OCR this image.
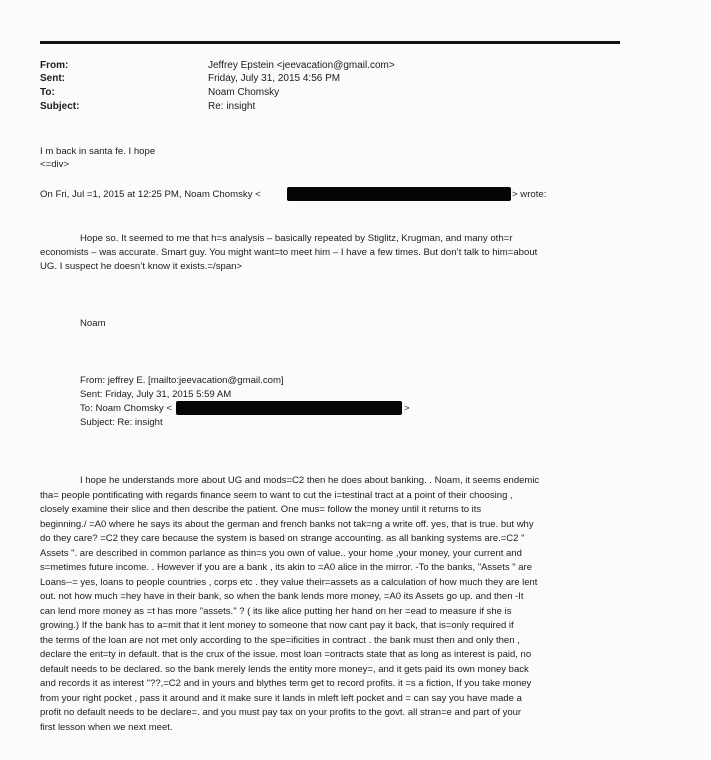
From:	Jeffrey Epstein <jeevacation@gmail.com>
Sent:	Friday, July 31, 2015 4:56 PM
To:	Noam Chomsky
Subject:	Re: insight
I m back in santa fe. I hope
<=div>
On Fri, Jul =1, 2015 at 12:25 PM, Noam Chomsky <	> wrote:
Hope so. It seemed to me that h=s analysis – basically repeated by Stiglitz, Krugman, and many oth=r
economists – was accurate. Smart guy. You might want=to meet him – I have a few times. But don’t talk to him=about
UG. I suspect he doesn’t know it exists.=/span>
Noam
From: jeffrey E. [mailto:jeevacation@gmail.com]
Sent: Friday, July 31, 2015 5:59 AM
To: Noam Chomsky <	>
Subject: Re: insight
I hope he understands more about UG and mods=C2 then he does about banking. . Noam, it seems endemic
tha= people pontificating with regards finance seem to want to cut the i=testinal tract at a point of their choosing ,
closely examine their slice and then describe the patient. One mus= follow the money until it returns to its
beginning./ =A0 where he says its about the german and french banks not tak=ng a write off. yes, that is true. but why
do they care? =C2 they care because the system is based on strange accounting. as all banking systems are.=C2 "
Assets ". are described in common parlance as thin=s you own of value.. your home ,your money, your current and
s=metimes future income. . However if you are a bank , its akin to =A0 alice in the mirror. -To the banks, "Assets " are
Loans--= yes, loans to people countries , corps etc . they value their=assets as a calculation of how much they are lent
out. not how much =hey have in their bank, so when the bank lends more money, =A0 its Assets go up. and then -It
can lend more money as =t has more "assets." ? ( its like alice putting her hand on her =ead to measure if she is
growing.) If the bank has to a=mit that it lent money to someone that now cant pay it back, that is=only required if
the terms of the loan are not met only according to the spe=ificities in contract . the bank must then and only then ,
declare the ent=ty in default. that is the crux of the issue. most loan =ontracts state that as long as interest is paid, no
default needs to be declared. so the bank merely lends the entity more money=, and it gets paid its own money back
and records it as interest "??,=C2 and in yours and blythes term get to record profits. it =s a fiction, If you take money
from your right pocket , pass it around and it make sure it lands in mleft left pocket and = can say you have made a
profit no default needs to be declare=. and you must pay tax on your profits to the govt. all stran=e and part of your
first lesson when we next meet.
